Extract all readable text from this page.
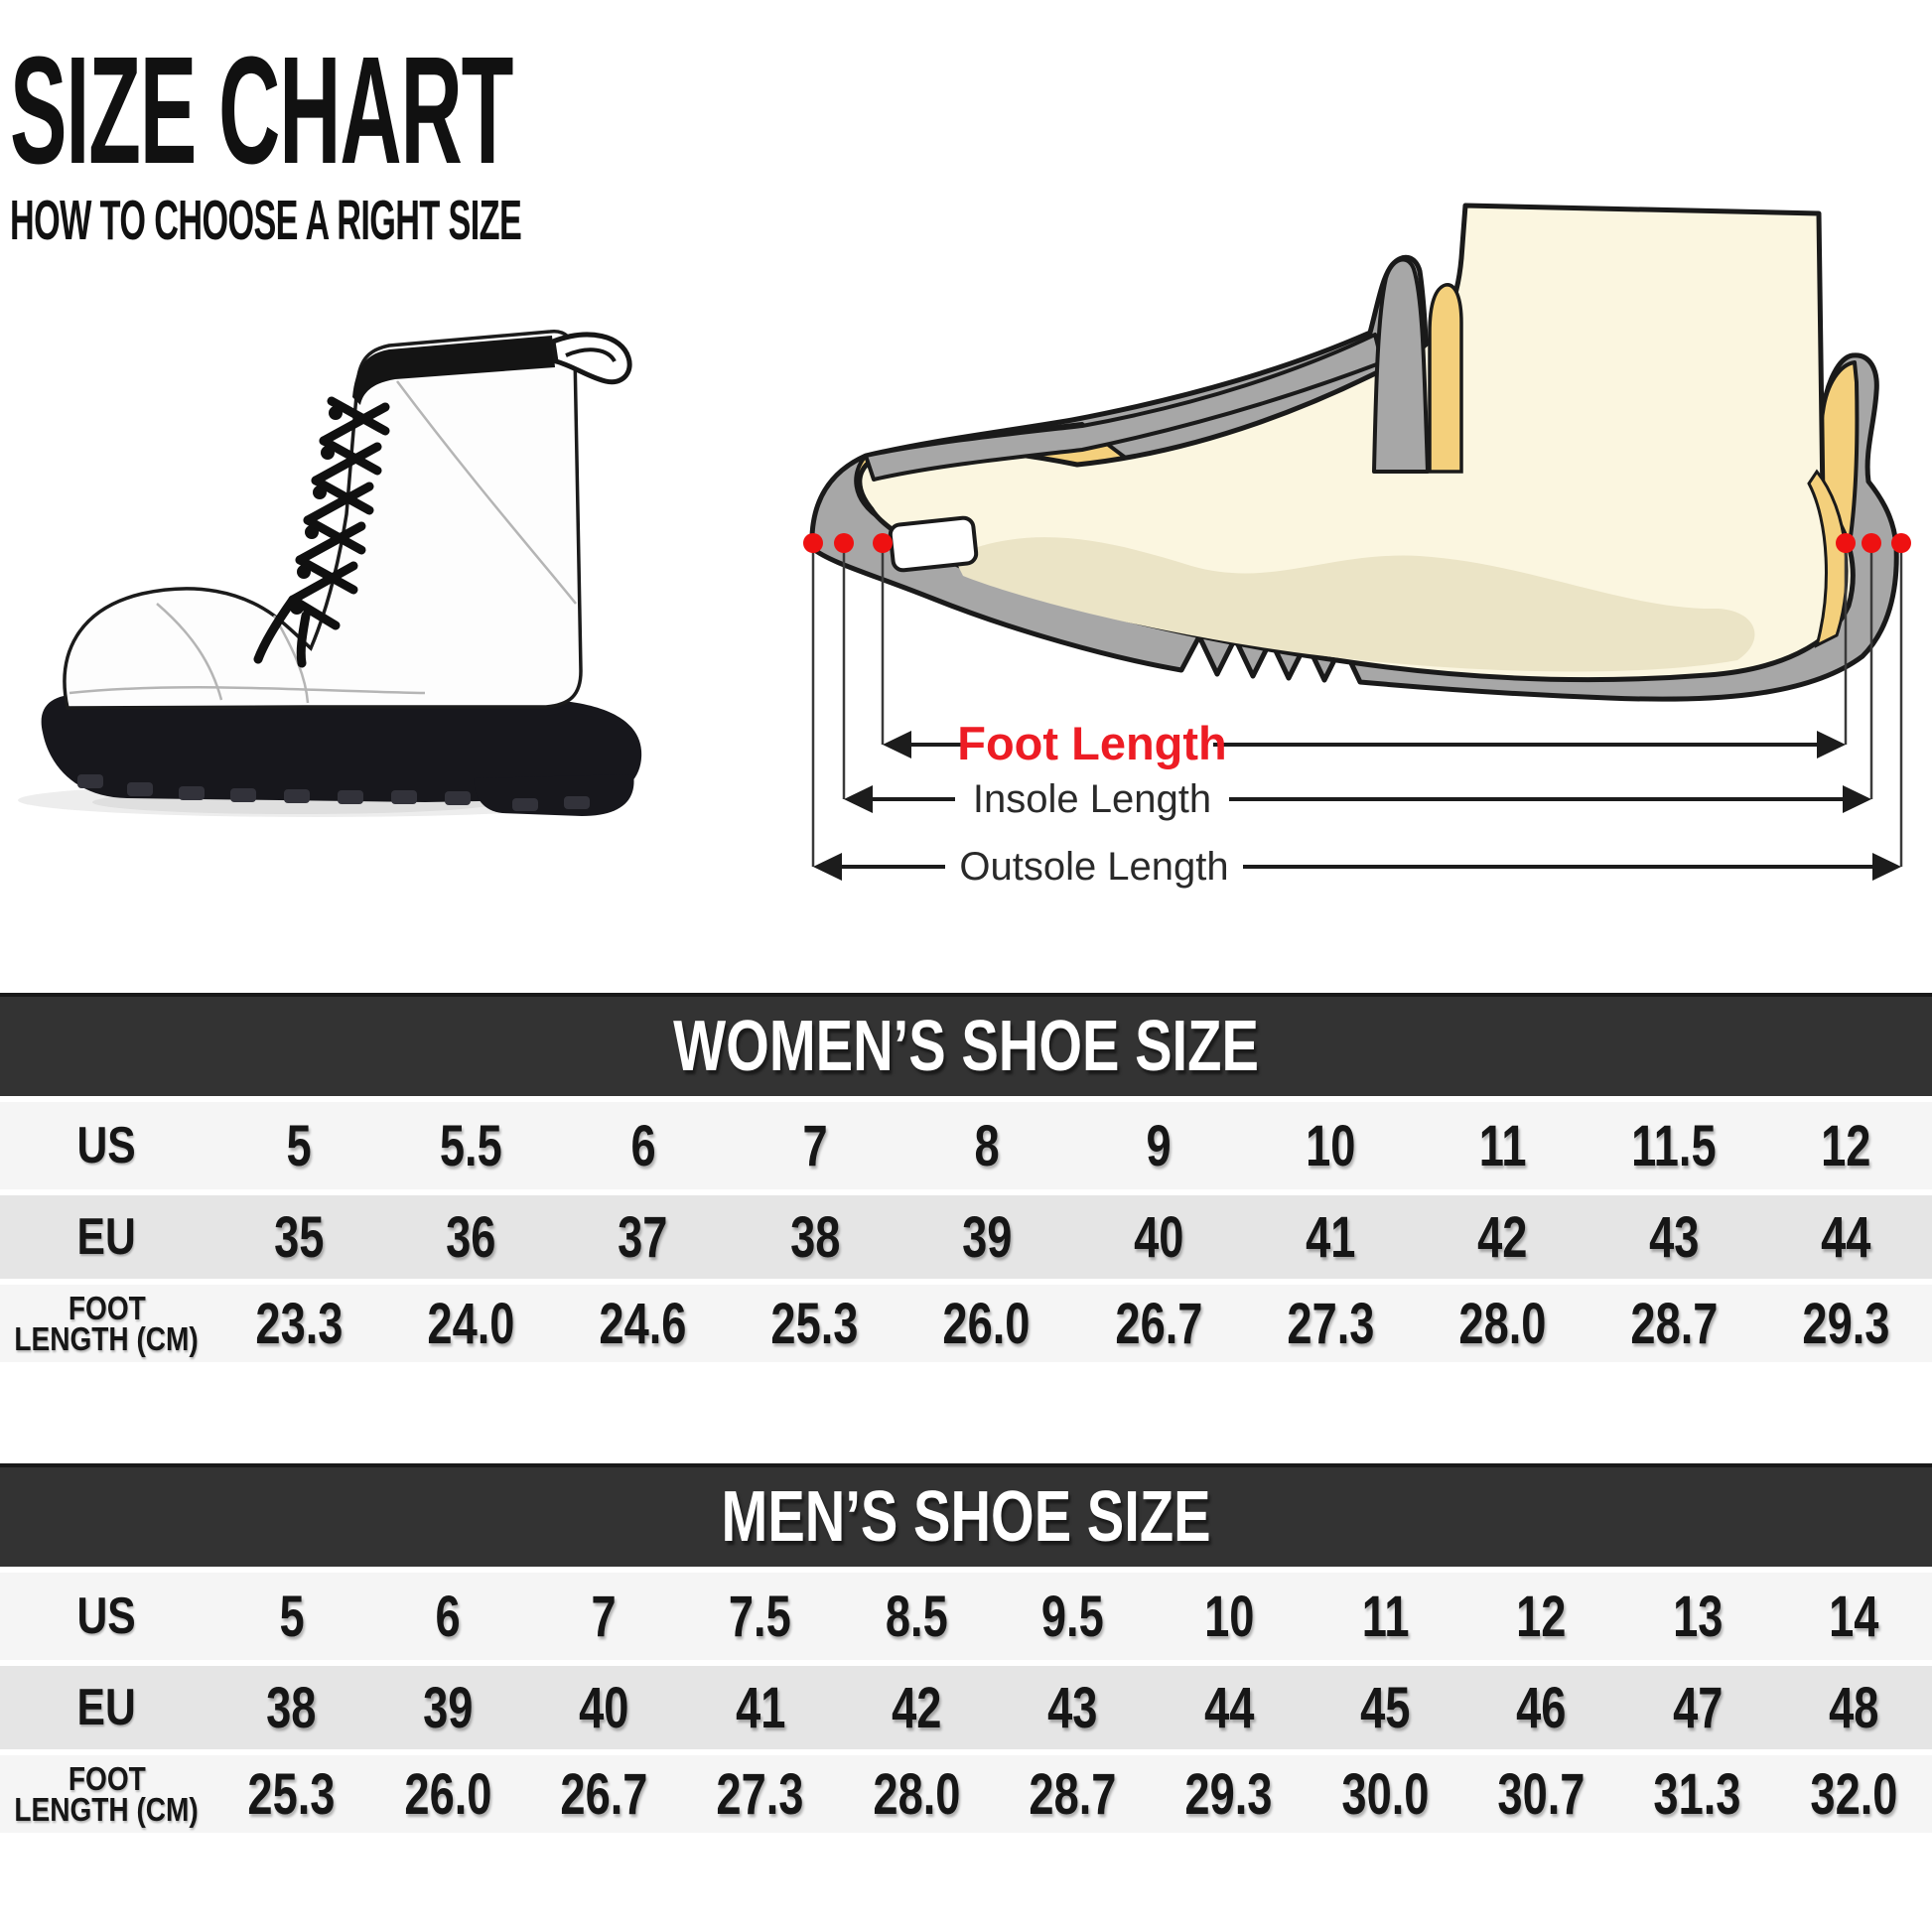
SIZE CHART
HOW TO CHOOSE A RIGHT SIZE
Foot Length
Insole Length
Outsole Length
WOMEN’S SHOE SIZE
US	5 5.5 6	7	8	9 10 11 11.5 12
EU 35 36 37 38 39 40 41 42 43 44
FOOT
LENGTH (CM) 23.3 24.0 24.6 25.3 26.0 26.7 27.3 28.0 28.7 29.3
MEN’S SHOE SIZE
US 5 6 7 7.5 8.5 9.5 10 11 12 13 14
EU 38 39 40 41 42 43 44 45 46 47 48
FOOT
LENGTH (CM) 25.3 26.0 26.7 27.3 28.0 28.7 29.3 30.0 30.7 31.3 32.0
